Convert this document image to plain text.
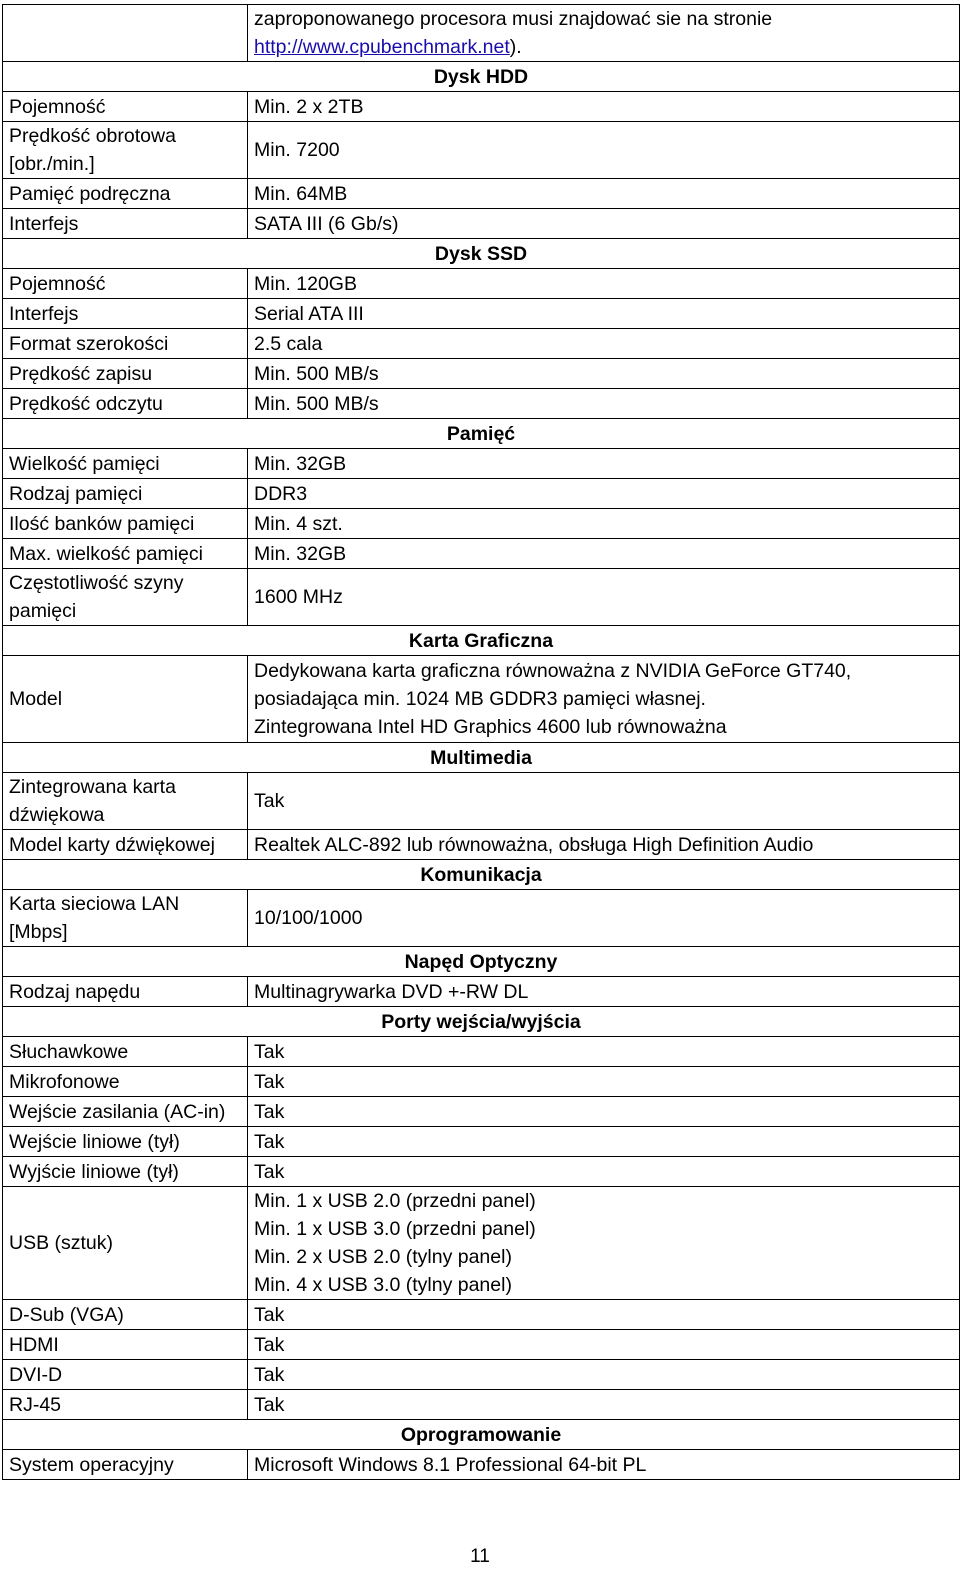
	zaproponowanego procesora musi znajdować sie na stronie
http://www.cpubenchmark.net).

Dysk HDD	
Pojemność	Min. 2 x 2TB
Prędkość obrotowa [obr./min.]	Min. 7200
Pamięć podręczna	Min. 64MB
Interfejs	SATA III (6 Gb/s)
Dysk SSD	
Pojemność	Min. 120GB
Interfejs	Serial ATA III
Format szerokości	2.5 cala
Prędkość zapisu	Min. 500 MB/s
Prędkość odczytu	Min. 500 MB/s
Pamięć	
Wielkość pamięci	Min. 32GB
Rodzaj pamięci	DDR3
Ilość banków pamięci	Min. 4 szt.
Max. wielkość pamięci	Min. 32GB
Częstotliwość szyny pamięci	1600 MHz
Karta Graficzna	
Model	Dedykowana karta graficzna równoważna z NVIDIA GeForce GT740,
posiadająca min. 1024 MB GDDR3 pamięci własnej.
Zintegrowana Intel HD Graphics 4600 lub równoważna

Multimedia	
Zintegrowana karta dźwiękowa	Tak
Model karty dźwiękowej	Realtek ALC-892 lub równoważna, obsługa High Definition Audio
Komunikacja	
Karta sieciowa LAN [Mbps]	10/100/1000
Napęd Optyczny	
Rodzaj napędu	Multinagrywarka DVD +-RW DL
Porty wejścia/wyjścia	
Słuchawkowe	Tak
Mikrofonowe	Tak
Wejście zasilania (AC-in)	Tak
Wejście liniowe (tył)	Tak
Wyjście liniowe (tył)	Tak
USB (sztuk)	Min. 1 x USB 2.0 (przedni panel)
Min. 1 x USB 3.0 (przedni panel)
Min. 2 x USB 2.0 (tylny panel)
Min. 4 x USB 3.0 (tylny panel)

D-Sub (VGA)	Tak
HDMI	Tak
DVI-D	Tak
RJ-45	Tak
Oprogramowanie	
System operacyjny	Microsoft Windows 8.1 Professional 64-bit PL
11
